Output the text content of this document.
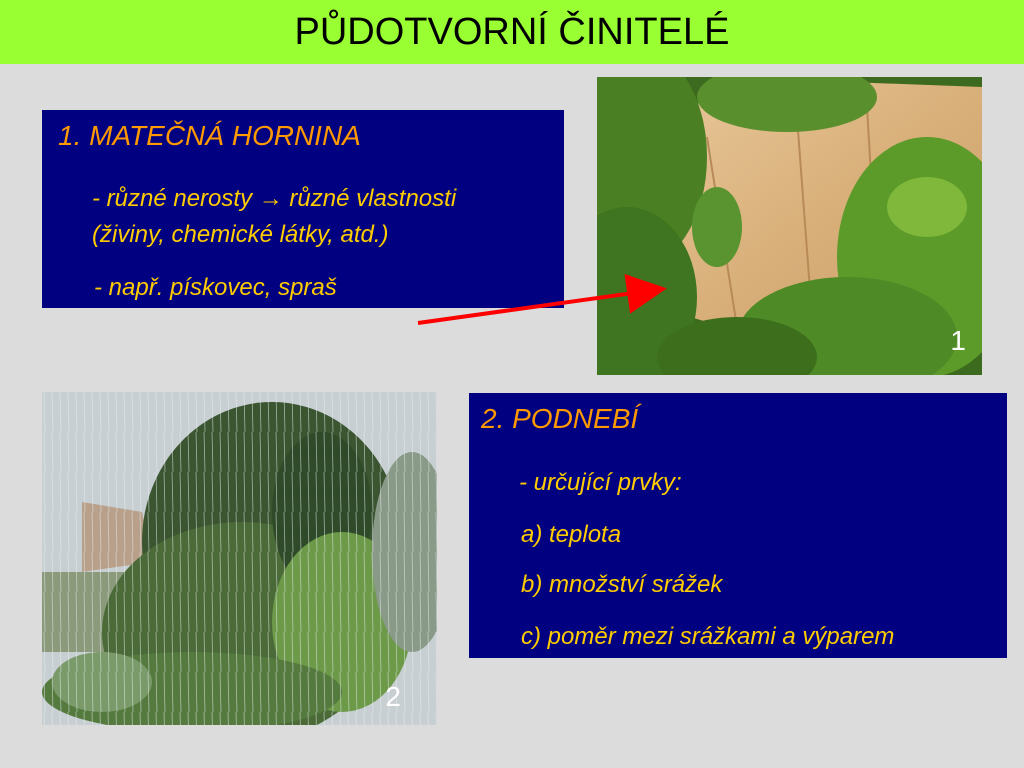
PŮDOTVORNÍ ČINITELÉ
1. MATEČNÁ HORNINA
- různé nerosty → různé vlastnosti
(živiny, chemické látky, atd.)
- např. pískovec, spraš
1
2
2. PODNEBÍ
- určující prvky:
a) teplota
b) množství srážek
c) poměr mezi srážkami a výparem
